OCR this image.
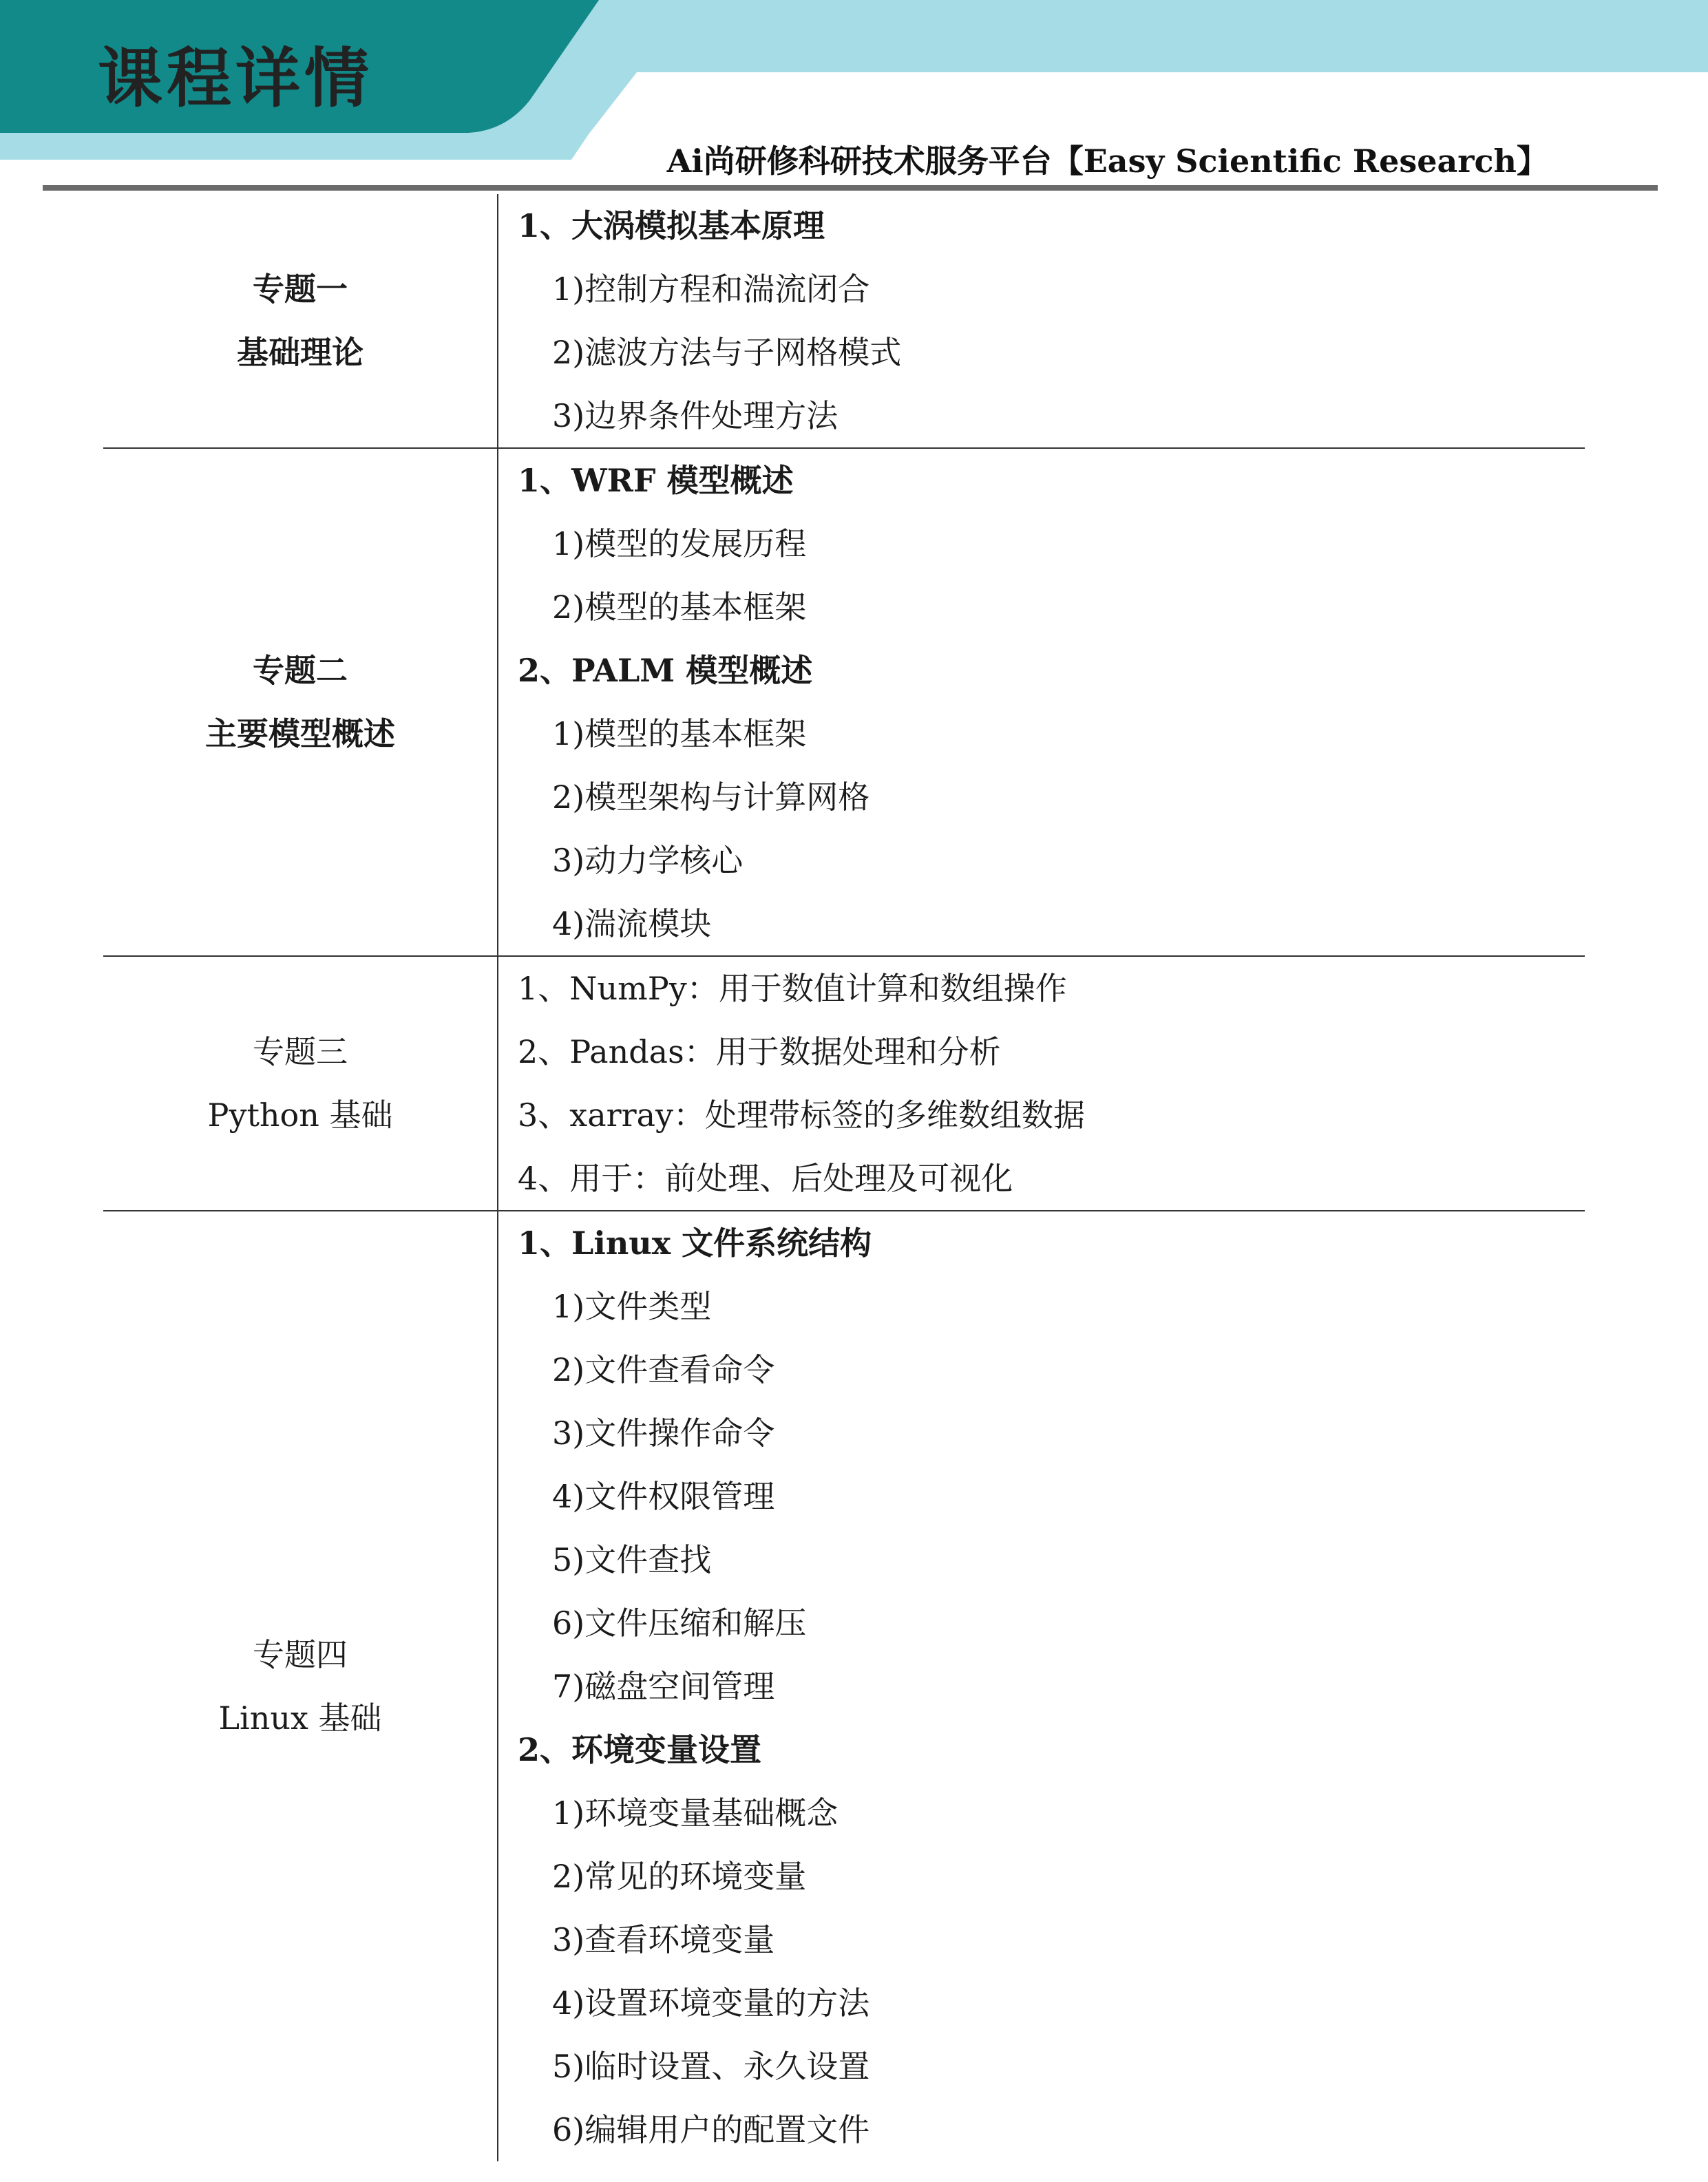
课程详情
Ai尚研修科研技术服务平台【Easy Scientific Research】
专题一
基础理论
1、大涡模拟基本原理
1)控制方程和湍流闭合
2)滤波方法与子网格模式
3)边界条件处理方法
专题二
主要模型概述
1、WRF 模型概述
1)模型的发展历程
2)模型的基本框架
2、PALM 模型概述
1)模型的基本框架
2)模型架构与计算网格
3)动力学核心
4)湍流模块
专题三
Python 基础
1、NumPy：用于数值计算和数组操作
2、Pandas：用于数据处理和分析
3、xarray：处理带标签的多维数组数据
4、用于：前处理、后处理及可视化
专题四
Linux 基础
1、Linux 文件系统结构
1)文件类型
2)文件查看命令
3)文件操作命令
4)文件权限管理
5)文件查找
6)文件压缩和解压
7)磁盘空间管理
2、环境变量设置
1)环境变量基础概念
2)常见的环境变量
3)查看环境变量
4)设置环境变量的方法
5)临时设置、永久设置
6)编辑用户的配置文件
